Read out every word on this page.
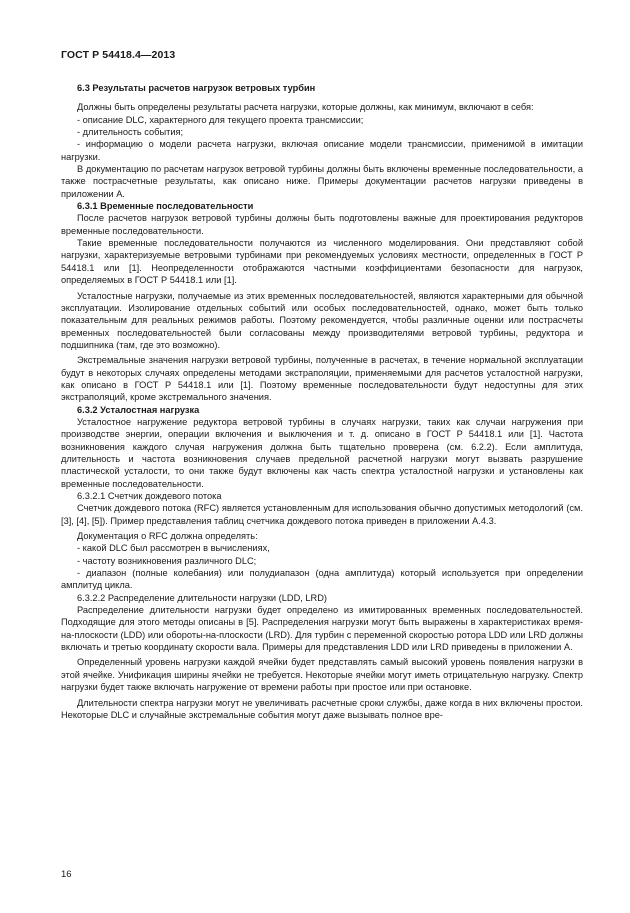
ГОСТ Р 54418.4—2013

6.3 Результаты расчетов нагрузок ветровых турбин

Должны быть определены результаты расчета нагрузки, которые должны, как минимум, включают в себя:

- описание DLC, характерного для текущего проекта трансмиссии;

- длительность события;

- информацию о модели расчета нагрузки, включая описание модели трансмиссии, применимой в имитации нагрузки.

В документацию по расчетам нагрузок ветровой турбины должны быть включены временные последовательности, а также пострасчетные результаты, как описано ниже. Примеры документации расчетов нагрузки приведены в приложении А.

6.3.1 Временные последовательности

После расчетов нагрузок ветровой турбины должны быть подготовлены важные для проектирования редукторов временные последовательности.

Такие временные последовательности получаются из численного моделирования. Они представляют собой нагрузки, характеризуемые ветровыми турбинами при рекомендуемых условиях местности, определенных в ГОСТ Р 54418.1 или [1]. Неопределенности отображаются частными коэффициентами безопасности для нагрузок, определяемых в ГОСТ Р 54418.1 или [1].

Усталостные нагрузки, получаемые из этих временных последовательностей, являются характерными для обычной эксплуатации. Изолирование отдельных событий или особых последовательностей, однако, может быть только показательным для реальных режимов работы. Поэтому рекомендуется, чтобы различные оценки или пострасчеты временных последовательностей были согласованы между производителями ветровой турбины, редуктора и подшипника (там, где это возможно).

Экстремальные значения нагрузки ветровой турбины, полученные в расчетах, в течение нормальной эксплуатации будут в некоторых случаях определены методами экстраполяции, применяемыми для расчетов усталостной нагрузки, как описано в ГОСТ Р 54418.1 или [1]. Поэтому временные последовательности будут недоступны для этих экстраполяций, кроме экстремального значения.

6.3.2 Усталостная нагрузка

Усталостное нагружение редуктора ветровой турбины в случаях нагрузки, таких как случаи нагружения при производстве энергии, операции включения и выключения и т. д. описано в ГОСТ Р 54418.1 или [1]. Частота возникновения каждого случая нагружения должна быть тщательно проверена (см. 6.2.2). Если амплитуда, длительность и частота возникновения случаев предельной расчетной нагрузки могут вызвать разрушение пластической усталости, то они также будут включены как часть спектра усталостной нагрузки и установлены как временные последовательности.

6.3.2.1 Счетчик дождевого потока

Счетчик дождевого потока (RFC) является установленным для использования обычно допустимых методологий (см. [3], [4], [5]). Пример представления таблиц счетчика дождевого потока приведен в приложении А.4.3.

Документация о RFC должна определять:

- какой DLC был рассмотрен в вычислениях,

- частоту возникновения различного DLC;

- диапазон (полные колебания) или полудиапазон (одна амплитуда) который используется при определении амплитуд цикла.

6.3.2.2 Распределение длительности нагрузки (LDD, LRD)

Распределение длительности нагрузки будет определено из имитированных временных последовательностей. Подходящие для этого методы описаны в [5]. Распределения нагрузки могут быть выражены в характеристиках время-на-плоскости (LDD) или обороты-на-плоскости (LRD). Для турбин с переменной скоростью ротора LDD или LRD должны включать и третью координату скорости вала. Примеры для представления LDD или LRD приведены в приложении А.

Определенный уровень нагрузки каждой ячейки будет представлять самый высокий уровень появления нагрузки в этой ячейке. Унификация ширины ячейки не требуется. Некоторые ячейки могут иметь отрицательную нагрузку. Спектр нагрузки будет также включать нагружение от времени работы при простое или при остановке.

Длительности спектра нагрузки могут не увеличивать расчетные сроки службы, даже когда в них включены простои. Некоторые DLC и случайные экстремальные события могут даже вызывать полное вре-

16
